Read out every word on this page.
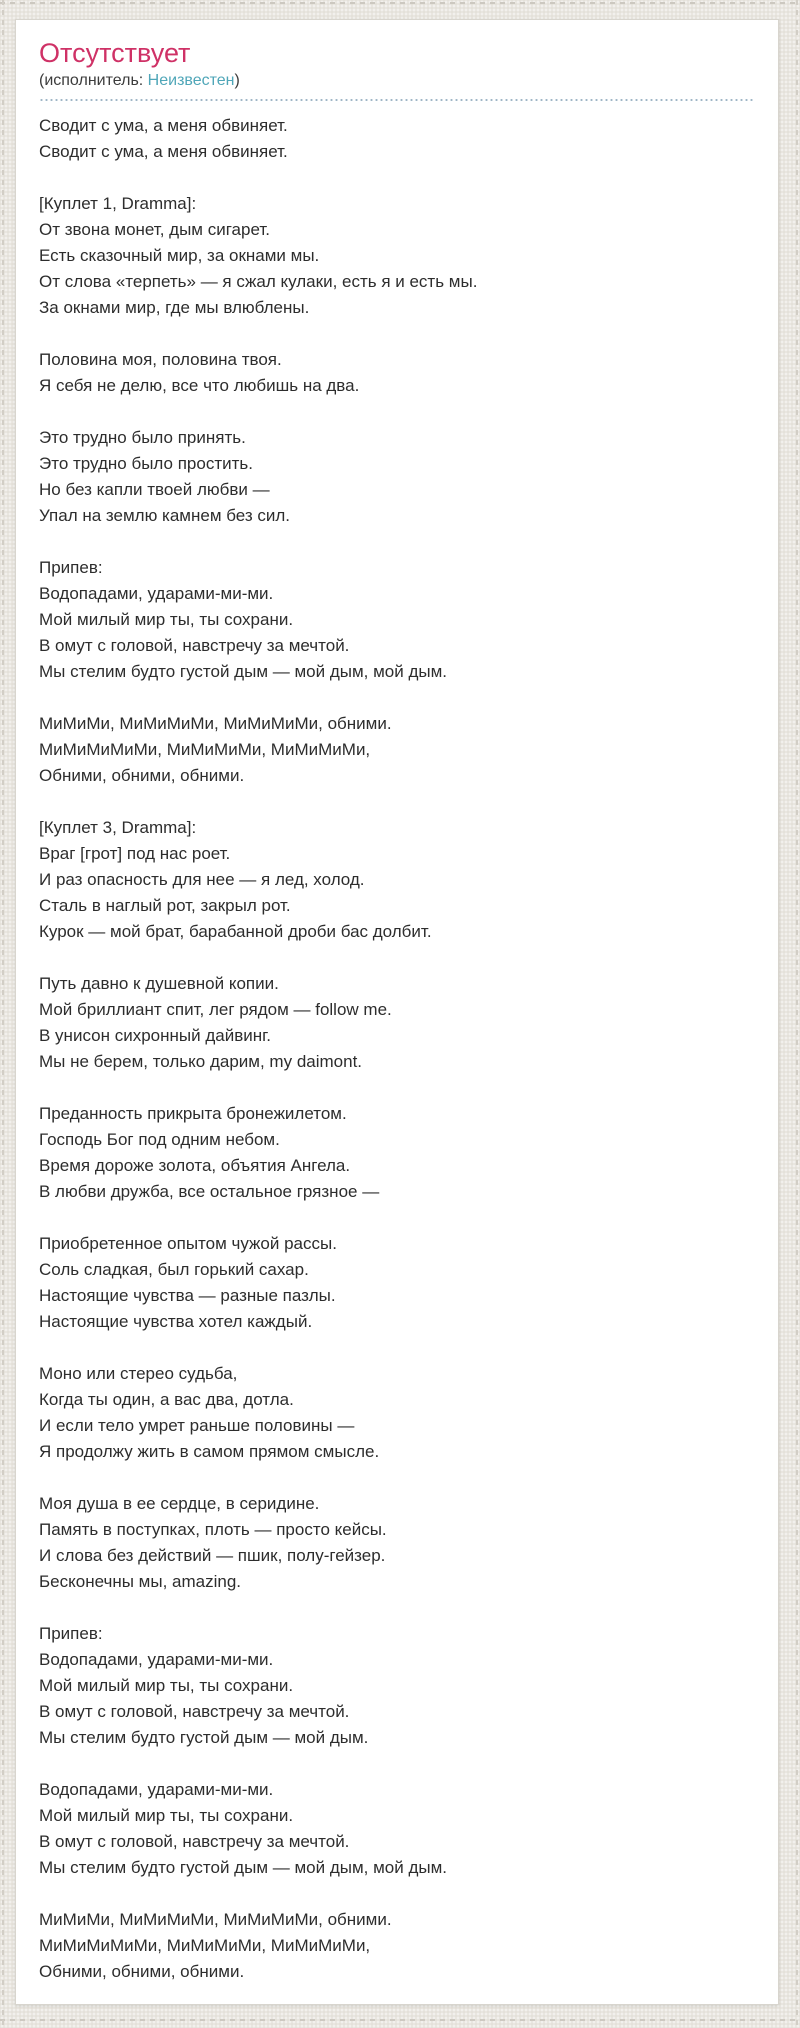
Отсутствует
(исполнитель: Неизвестен)

Сводит с ума, а меня обвиняет.
Сводит с ума, а меня обвиняет.

[Куплет 1, Dramma]:
От звона монет, дым сигарет.
Есть сказочный мир, за окнами мы.
От слова «терпеть» — я сжал кулаки, есть я и есть мы.
За окнами мир, где мы влюблены.

Половина моя, половина твоя.
Я себя не делю, все что любишь на два.

Это трудно было принять.
Это трудно было простить.
Но без капли твоей любви —
Упал на землю камнем без сил.

Припев:
Водопадами, ударами-ми-ми.
Мой милый мир ты, ты сохрани.
В омут с головой, навстречу за мечтой.
Мы стелим будто густой дым — мой дым, мой дым.

МиМиМи, МиМиМиМи, МиМиМиМи, обними.
МиМиМиМиМи, МиМиМиМи, МиМиМиМи,
Обними, обними, обними.

[Куплет 3, Dramma]:
Враг [грот] под нас роет.
И раз опасность для нее — я лед, холод.
Сталь в наглый рот, закрыл рот.
Курок — мой брат, барабанной дроби бас долбит.

Путь давно к душевной копии.
Мой бриллиант спит, лег рядом — follow me.
В унисон сихронный дайвинг.
Мы не берем, только дарим, my daimont.

Преданность прикрыта бронежилетом.
Господь Бог под одним небом.
Время дороже золота, объятия Ангела.
В любви дружба, все остальное грязное —

Приобретенное опытом чужой рассы.
Соль сладкая, был горький сахар.
Настоящие чувства — разные пазлы.
Настоящие чувства хотел каждый.

Моно или стерео судьба,
Когда ты один, а вас два, дотла.
И если тело умрет раньше половины —
Я продолжу жить в самом прямом смысле.

Моя душа в ее сердце, в серидине.
Память в поступках, плоть — просто кейсы.
И слова без действий — пшик, полу-гейзер.
Бесконечны мы, amazing.

Припев:
Водопадами, ударами-ми-ми.
Мой милый мир ты, ты сохрани.
В омут с головой, навстречу за мечтой.
Мы стелим будто густой дым — мой дым.

Водопадами, ударами-ми-ми.
Мой милый мир ты, ты сохрани.
В омут с головой, навстречу за мечтой.
Мы стелим будто густой дым — мой дым, мой дым.

МиМиМи, МиМиМиМи, МиМиМиМи, обними.
МиМиМиМиМи, МиМиМиМи, МиМиМиМи,
Обними, обними, обними.
